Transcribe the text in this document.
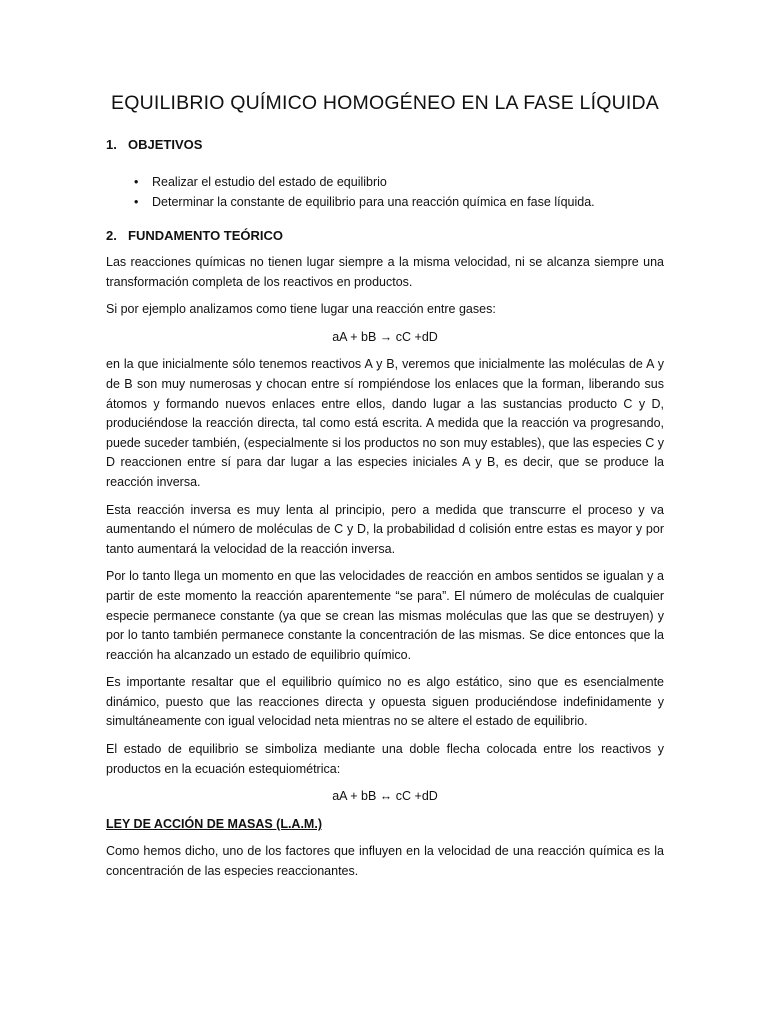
EQUILIBRIO QUÍMICO HOMOGÉNEO EN LA FASE LÍQUIDA
1. OBJETIVOS
• Realizar el estudio del estado de equilibrio
• Determinar la constante de equilibrio para una reacción química en fase líquida.
2. FUNDAMENTO TEÓRICO

Las reacciones químicas no tienen lugar siempre a la misma velocidad, ni se alcanza siempre una transformación completa de los reactivos en productos.

Si por ejemplo analizamos como tiene lugar una reacción entre gases:

aA + bB → cC +dD

en la que inicialmente sólo tenemos reactivos A y B, veremos que inicialmente las moléculas de A y de B son muy numerosas y chocan entre sí rompiéndose los enlaces que la forman, liberando sus átomos y formando nuevos enlaces entre ellos, dando lugar a las sustancias producto C y D, produciéndose la reacción directa, tal como está escrita. A medida que la reacción va progresando, puede suceder también, (especialmente si los productos no son muy estables), que las especies C y D reaccionen entre sí para dar lugar a las especies iniciales A y B, es decir, que se produce la reacción inversa.

Esta reacción inversa es muy lenta al principio, pero a medida que transcurre el proceso y va aumentando el número de moléculas de C y D, la probabilidad d colisión entre estas es mayor y por tanto aumentará la velocidad de la reacción inversa.

Por lo tanto llega un momento en que las velocidades de reacción en ambos sentidos se igualan y a partir de este momento la reacción aparentemente “se para”. El número de moléculas de cualquier especie permanece constante (ya que se crean las mismas moléculas que las que se destruyen) y por lo tanto también permanece constante la concentración de las mismas. Se dice entonces que la reacción ha alcanzado un estado de equilibrio químico.

Es importante resaltar que el equilibrio químico no es algo estático, sino que es esencialmente dinámico, puesto que las reacciones directa y opuesta siguen produciéndose indefinidamente y simultáneamente con igual velocidad neta mientras no se altere el estado de equilibrio.

El estado de equilibrio se simboliza mediante una doble flecha colocada entre los reactivos y productos en la ecuación estequiométrica:

aA + bB ↔ cC +dD

LEY DE ACCIÓN DE MASAS (L.A.M.)

Como hemos dicho, uno de los factores que influyen en la velocidad de una reacción química es la concentración de las especies reaccionantes.
